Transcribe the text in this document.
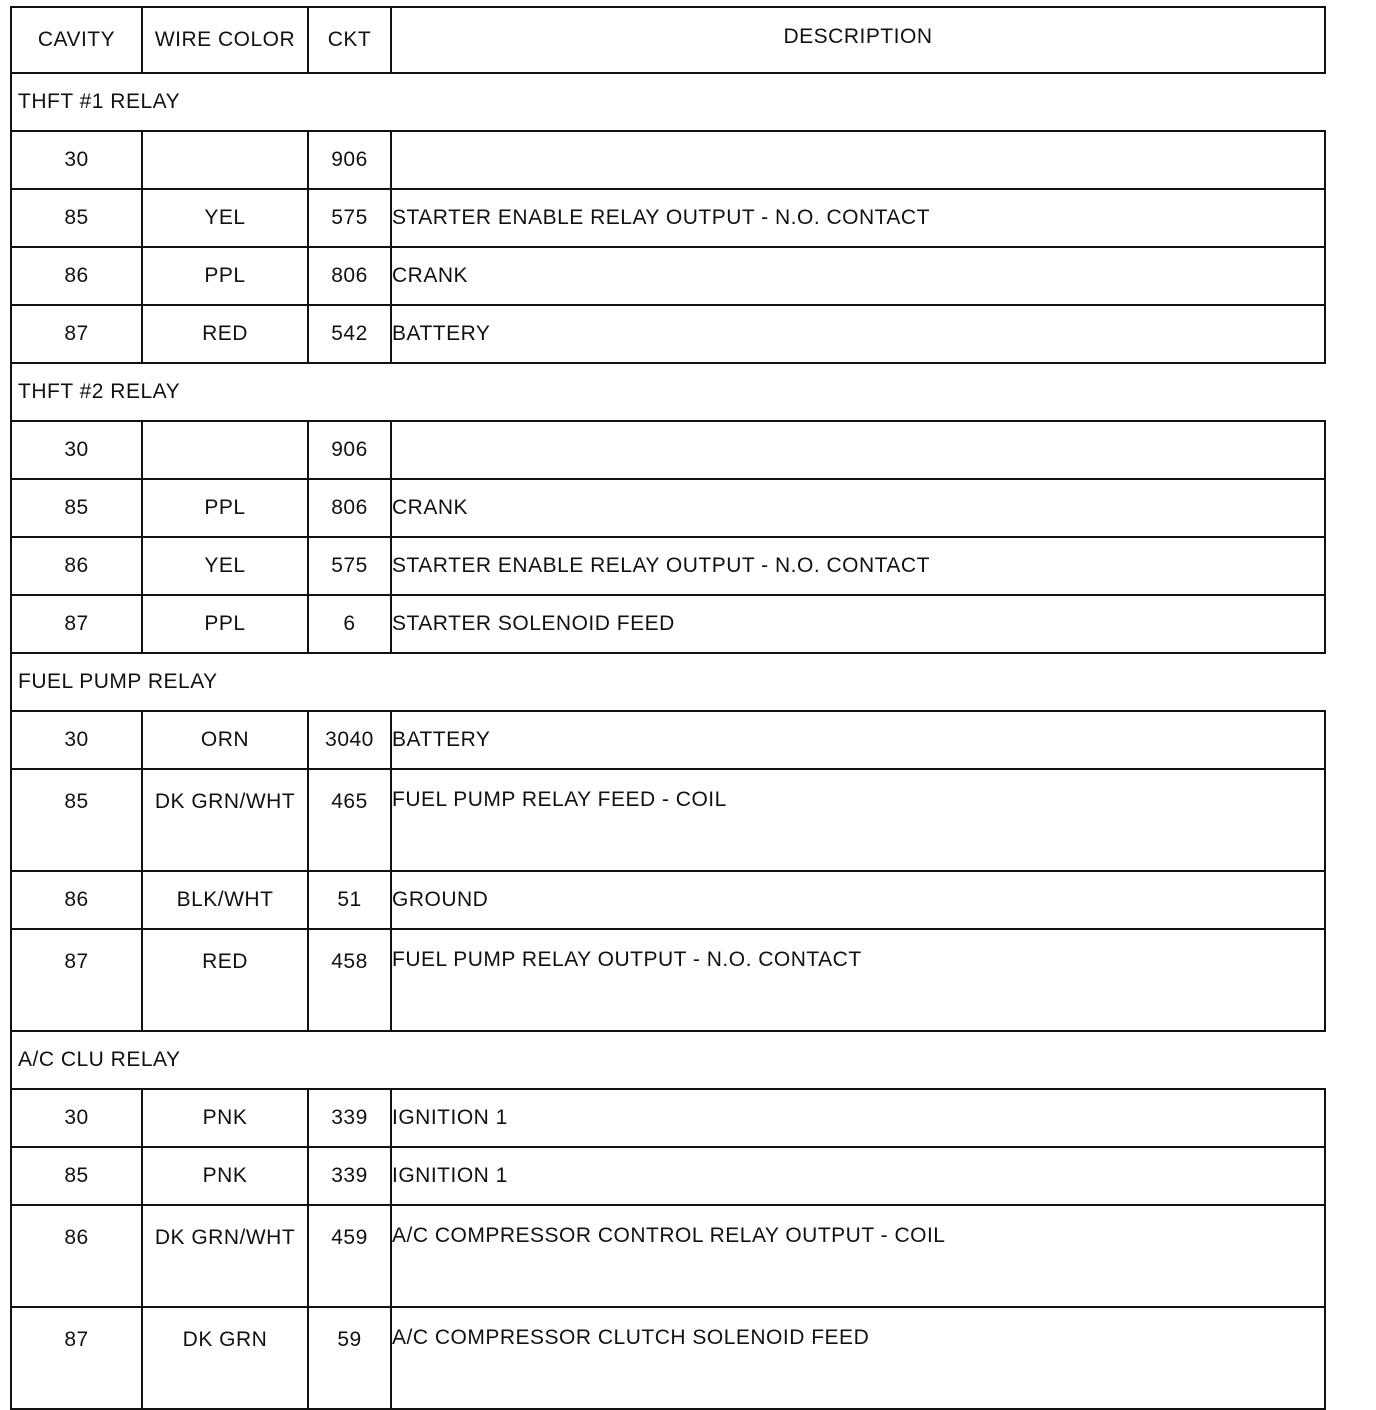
CAVITY	WIRE COLOR	CKT	DESCRIPTION
THFT #1 RELAY
30		906	
85	YEL	575	STARTER ENABLE RELAY OUTPUT - N.O. CONTACT
86	PPL	806	CRANK
87	RED	542	BATTERY
THFT #2 RELAY
30		906	
85	PPL	806	CRANK
86	YEL	575	STARTER ENABLE RELAY OUTPUT - N.O. CONTACT
87	PPL	6	STARTER SOLENOID FEED
FUEL PUMP RELAY
30	ORN	3040	BATTERY
85	DK GRN/WHT	465	FUEL PUMP RELAY FEED - COIL
86	BLK/WHT	51	GROUND
87	RED	458	FUEL PUMP RELAY OUTPUT - N.O. CONTACT
A/C CLU RELAY
30	PNK	339	IGNITION 1
85	PNK	339	IGNITION 1
86	DK GRN/WHT	459	A/C COMPRESSOR CONTROL RELAY OUTPUT - COIL
87	DK GRN	59	A/C COMPRESSOR CLUTCH SOLENOID FEED
